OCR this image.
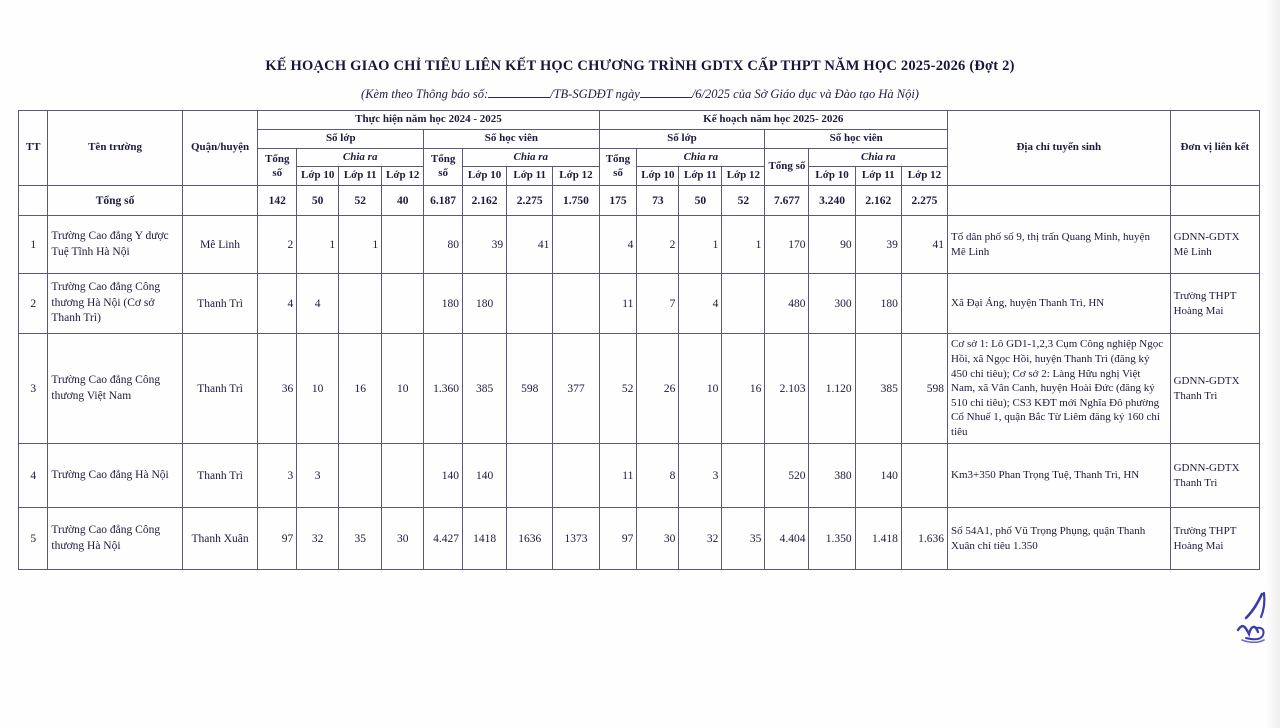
KẾ HOẠCH GIAO CHỈ TIÊU LIÊN KẾT HỌC CHƯƠNG TRÌNH GDTX CẤP THPT NĂM HỌC 2025-2026 (Đợt 2)
(Kèm theo Thông báo số:	/TB-SGDĐT ngày	/6/2025 của Sở Giáo dục và Đào tạo Hà Nội)
TT	Tên trường	Quận/huyện	Thực hiện năm học 2024 - 2025								Kế hoạch năm học 2025- 2026								Địa chỉ tuyển sinh	Đơn vị liên kết
			Số lớp				Số học viên				Số lớp				Số học viên					
			Tổng số	Chia ra			Tổng số	Chia ra			Tổng số	Chia ra			Tổng số	Chia ra				
				Lớp 10	Lớp 11	Lớp 12		Lớp 10	Lớp 11	Lớp 12		Lớp 10	Lớp 11	Lớp 12		Lớp 10	Lớp 11	Lớp 12		
	Tổng số		142	50	52	40	6.187	2.162	2.275	1.750	175	73	50	52	7.677	3.240	2.162	2.275		
1	Trường Cao đẳng Y dược Tuệ Tĩnh Hà Nội	Mê Linh	2	1	1		80	39	41		4	2	1	1	170	90	39	41	Tổ dân phố số 9, thị trấn Quang Minh, huyện Mê Linh	GDNN-GDTX Mê Linh
2	Trường Cao đẳng Công thương Hà Nội (Cơ sở Thanh Trì)	Thanh Trì	4	4			180	180			11	7	4		480	300	180		Xã Đại Áng, huyện Thanh Trì, HN	Trường THPT Hoàng Mai
3	Trường Cao đẳng Công thương Việt Nam	Thanh Trì	36	10	16	10	1.360	385	598	377	52	26	10	16	2.103	1.120	385	598	Cơ sở 1: Lô GD1-1,2,3 Cụm Công nghiệp Ngọc Hồi, xã Ngọc Hồi, huyện Thanh Trì (đăng ký 450 chỉ tiêu); Cơ sở 2: Làng Hữu nghị Việt Nam, xã Vân Canh, huyện Hoài Đức (đăng ký 510 chỉ tiêu); CS3 KĐT mới Nghĩa Đô phường Cổ Nhuế 1, quận Bắc Từ Liêm đăng ký 160 chỉ tiêu	GDNN-GDTX Thanh Trì
4	Trường Cao đẳng Hà Nội	Thanh Trì	3	3			140	140			11	8	3		520	380	140		Km3+350 Phan Trọng Tuệ, Thanh Trì, HN	GDNN-GDTX Thanh Trì
5	Trường Cao đẳng Công thương Hà Nội	Thanh Xuân	97	32	35	30	4.427	1418	1636	1373	97	30	32	35	4.404	1.350	1.418	1.636	Số 54A1, phố Vũ Trọng Phụng, quận Thanh Xuân chỉ tiêu 1.350	Trường THPT Hoàng Mai
